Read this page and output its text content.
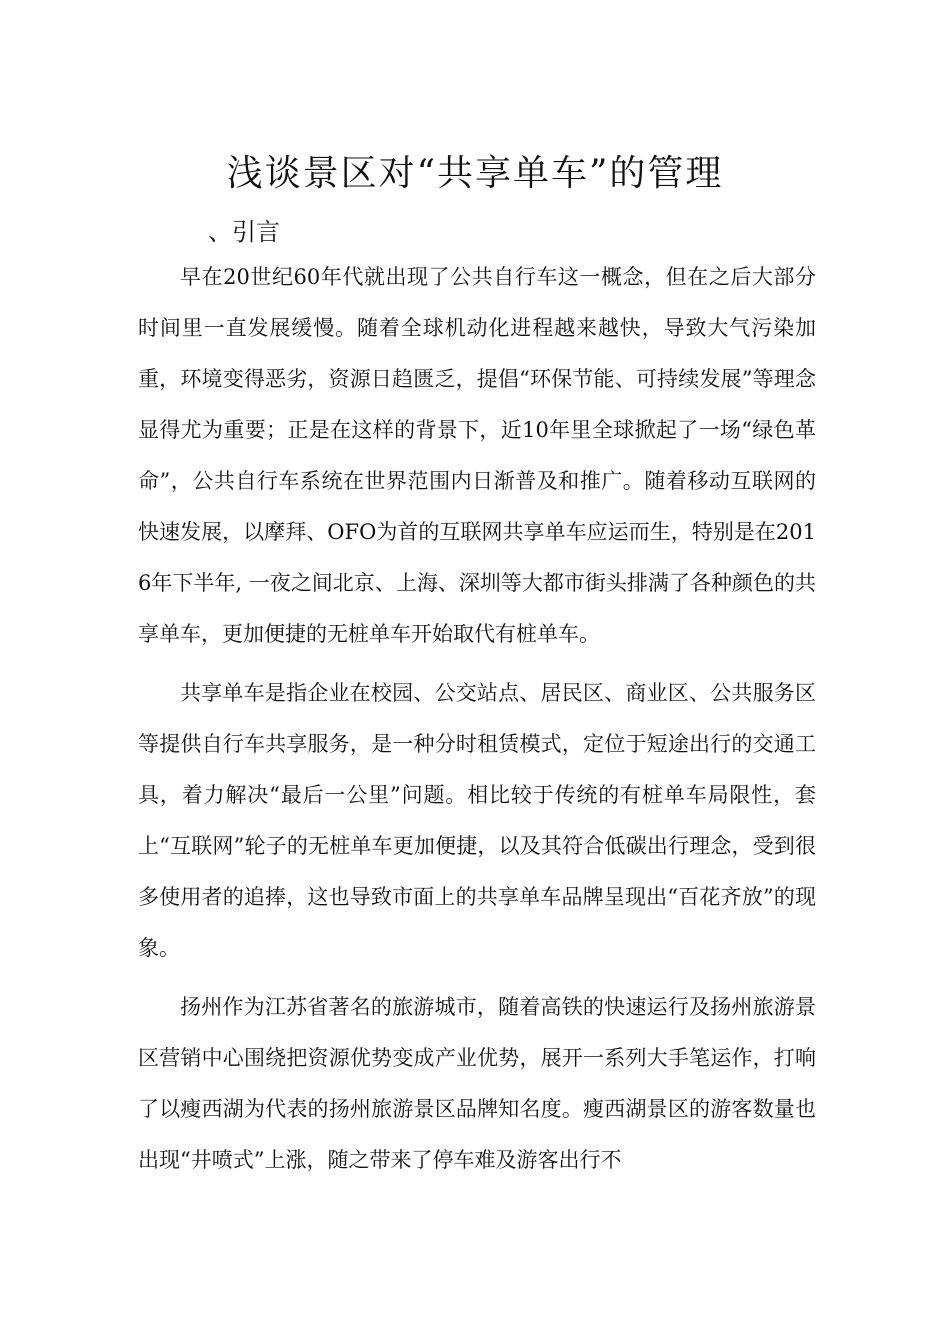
浅谈景区对“共享单车”的管理
、引言

早在20世纪60年代就出现了公共自行车这一概念，但在之后大部分时间里一直发展缓慢。随着全球机动化进程越来越快，导致大气污染加重，环境变得恶劣，资源日趋匮乏，提倡“环保节能、可持续发展”等理念显得尤为重要；正是在这样的背景下，近10年里全球掀起了一场“绿色革命”，公共自行车系统在世界范围内日渐普及和推广。随着移动互联网的快速发展，以摩拜、OFO为首的互联网共享单车应运而生，特别是在2016年下半年, 一夜之间北京、上海、深圳等大都市街头排满了各种颜色的共享单车，更加便捷的无桩单车开始取代有桩单车。

共享单车是指企业在校园、公交站点、居民区、商业区、公共服务区等提供自行车共享服务，是一种分时租赁模式，定位于短途出行的交通工具，着力解决“最后一公里”问题。相比较于传统的有桩单车局限性，套上“互联网”轮子的无桩单车更加便捷，以及其符合低碳出行理念，受到很多使用者的追捧，这也导致市面上的共享单车品牌呈现出“百花齐放”的现象。

扬州作为江苏省著名的旅游城市，随着高铁的快速运行及扬州旅游景区营销中心围绕把资源优势变成产业优势，展开一系列大手笔运作，打响了以瘦西湖为代表的扬州旅游景区品牌知名度。瘦西湖景区的游客数量也出现“井喷式”上涨，随之带来了停车难及游客出行不
